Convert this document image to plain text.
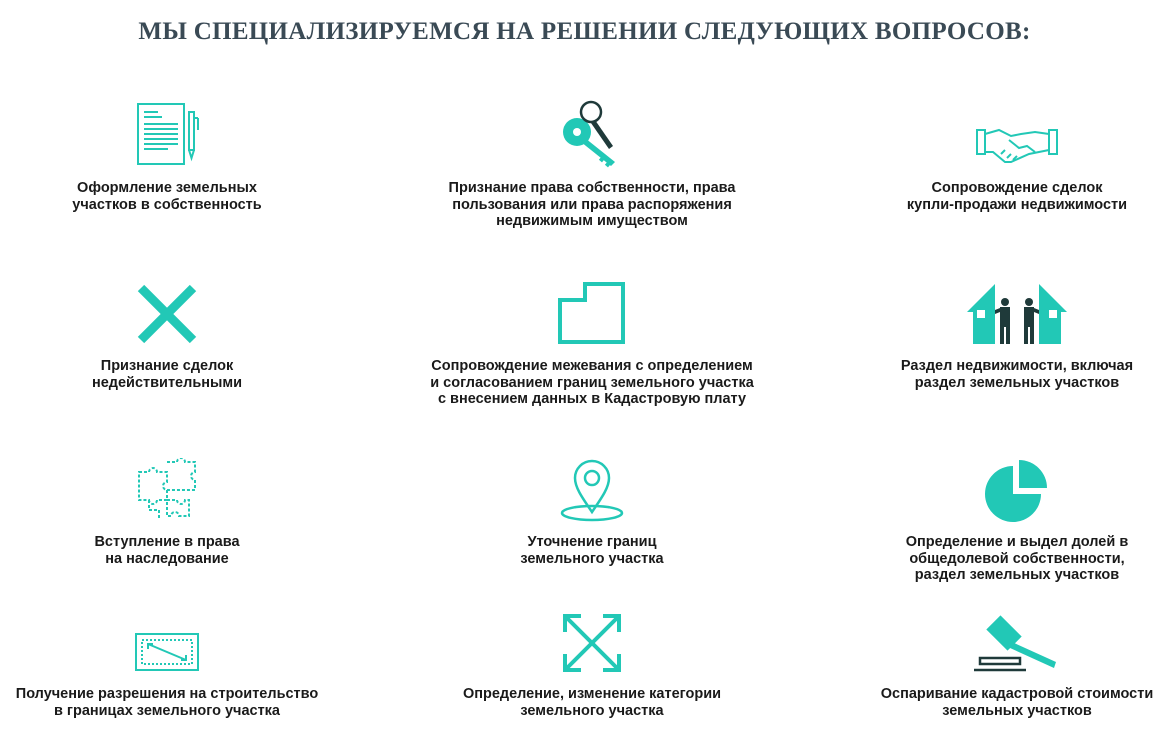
МЫ СПЕЦИАЛИЗИРУЕМСЯ НА РЕШЕНИИ СЛЕДУЮЩИХ ВОПРОСОВ:
Оформление земельных
участков в собственность
Признание права собственности, права
пользования или права распоряжения
недвижимым имуществом
Сопровождение сделок
купли-продажи недвижимости
Признание сделок
недействительными
Сопровождение межевания с определением
и согласованием границ земельного участка
с внесением данных в Кадастровую плату
Раздел недвижимости, включая
раздел земельных участков
Вступление в права
на наследование
Уточнение границ
земельного участка
Определение и выдел долей в
общедолевой собственности,
раздел земельных участков
Получение разрешения на строительство
в границах земельного участка
Определение, изменение категории
земельного участка
Оспаривание кадастровой стоимости
земельных участков
